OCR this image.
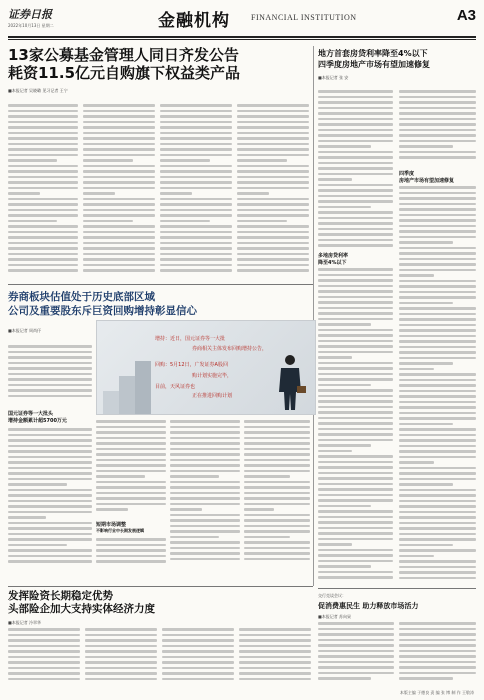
证券日报
2022年10月13日 星期二	金融机构	FINANCIAL INSTITUTION	A3
13家公募基金管理人同日齐发公告
耗资11.5亿元自购旗下权益类产品
■本报记者 吴晓璐 见习记者 王宁
地方首套房贷利率降至4%以下
四季度房地产市场有望加速修复
■本报记者 张 安
四季度
房地产市场有望加速修复
多地房贷利率
降至4%以下
券商板块估值处于历史底部区域
公司及重要股东斥巨资回购增持彰显信心
■本报记者 周尚伃
国元证券等一大批头
增持金额累计超5700万元
增持：近日，国元证券等一大批
券商相关主体发布回购增持公告，
回购：5月12日，广发证券A股回
购计划实施完毕，
目前，天风证券也
正在推进回购计划
短期市场调整
不影响行业中长期发展逻辑
发挥险资长期稳定优势
头部险企加大支持实体经济力度
■本报记者 冷翠华
交行克谈会议：
促消费惠民生 助力释放市场活力
■本报记者 苏向杲
本版主编 于德良 责 编 张 博 制 作 王敬涛
